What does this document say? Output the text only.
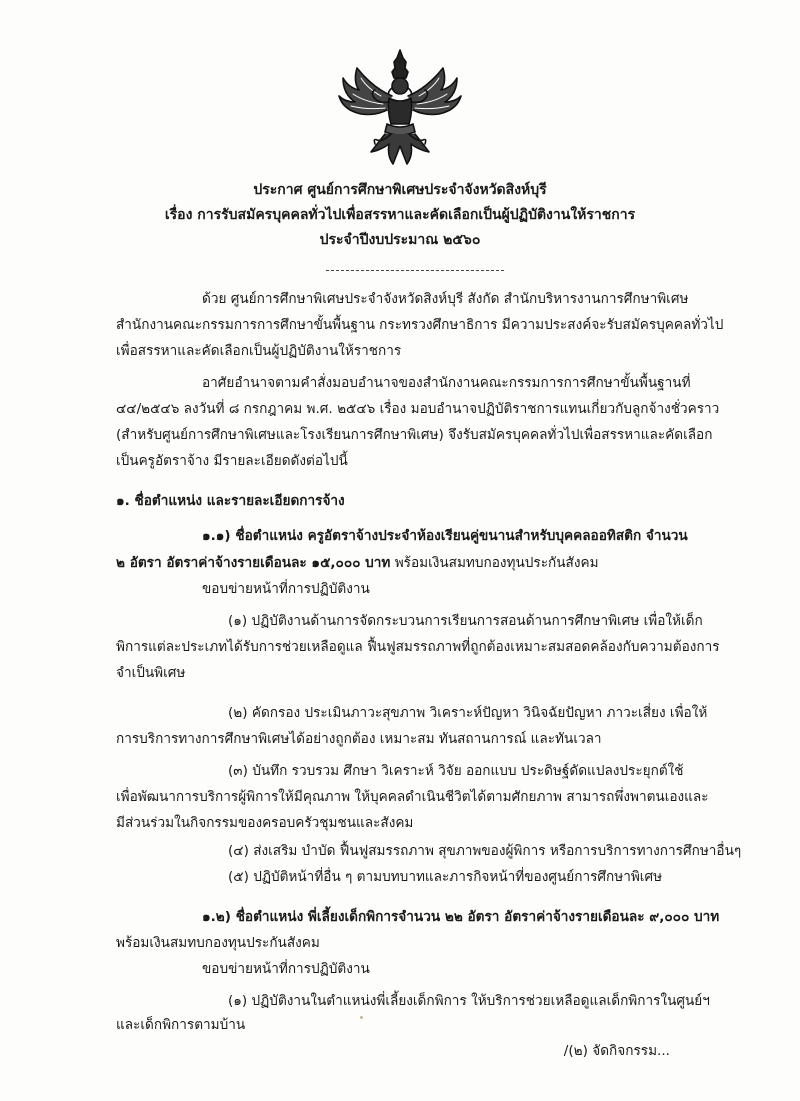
ประกาศ ศูนย์การศึกษาพิเศษประจำจังหวัดสิงห์บุรี
เรื่อง การรับสมัครบุคคลทั่วไปเพื่อสรรหาและคัดเลือกเป็นผู้ปฏิบัติงานให้ราชการ
ประจำปีงบประมาณ ๒๕๖๐
ด้วย ศูนย์การศึกษาพิเศษประจำจังหวัดสิงห์บุรี สังกัด สำนักบริหารงานการศึกษาพิเศษ
สำนักงานคณะกรรมการการศึกษาขั้นพื้นฐาน กระทรวงศึกษาธิการ มีความประสงค์จะรับสมัครบุคคลทั่วไป
เพื่อสรรหาและคัดเลือกเป็นผู้ปฏิบัติงานให้ราชการ
อาศัยอำนาจตามคำสั่งมอบอำนาจของสำนักงานคณะกรรมการการศึกษาขั้นพื้นฐานที่
๔๔/๒๕๔๖ ลงวันที่ ๘ กรกฎาคม พ.ศ. ๒๕๔๖ เรื่อง มอบอำนาจปฏิบัติราชการแทนเกี่ยวกับลูกจ้างชั่วคราว
(สำหรับศูนย์การศึกษาพิเศษและโรงเรียนการศึกษาพิเศษ) จึงรับสมัครบุคคลทั่วไปเพื่อสรรหาและคัดเลือก
เป็นครูอัตราจ้าง มีรายละเอียดดังต่อไปนี้
๑. ชื่อตำแหน่ง และรายละเอียดการจ้าง
๑.๑) ชื่อตำแหน่ง ครูอัตราจ้างประจำห้องเรียนคู่ขนานสำหรับบุคคลออทิสติก จำนวน
๒ อัตรา อัตราค่าจ้างรายเดือนละ ๑๕,๐๐๐ บาท พร้อมเงินสมทบกองทุนประกันสังคม
ขอบข่ายหน้าที่การปฏิบัติงาน
(๑) ปฏิบัติงานด้านการจัดกระบวนการเรียนการสอนด้านการศึกษาพิเศษ เพื่อให้เด็ก
พิการแต่ละประเภทได้รับการช่วยเหลือดูแล ฟื้นฟูสมรรถภาพที่ถูกต้องเหมาะสมสอดคล้องกับความต้องการ
จำเป็นพิเศษ
(๒) คัดกรอง ประเมินภาวะสุขภาพ วิเคราะห์ปัญหา วินิจฉัยปัญหา ภาวะเสี่ยง เพื่อให้
การบริการทางการศึกษาพิเศษได้อย่างถูกต้อง เหมาะสม ทันสถานการณ์ และทันเวลา
(๓) บันทึก รวบรวม ศึกษา วิเคราะห์ วิจัย ออกแบบ ประดิษฐ์ดัดแปลงประยุกต์ใช้
เพื่อพัฒนาการบริการผู้พิการให้มีคุณภาพ ให้บุคคลดำเนินชีวิตได้ตามศักยภาพ สามารถพึ่งพาตนเองและ
มีส่วนร่วมในกิจกรรมของครอบครัวชุมชนและสังคม
(๔) ส่งเสริม บำบัด ฟื้นฟูสมรรถภาพ สุขภาพของผู้พิการ หรือการบริการทางการศึกษาอื่นๆ
(๕) ปฏิบัติหน้าที่อื่น ๆ ตามบทบาทและภารกิจหน้าที่ของศูนย์การศึกษาพิเศษ
๑.๒) ชื่อตำแหน่ง พี่เลี้ยงเด็กพิการจำนวน ๒๒ อัตรา อัตราค่าจ้างรายเดือนละ ๙,๐๐๐ บาท
พร้อมเงินสมทบกองทุนประกันสังคม
ขอบข่ายหน้าที่การปฏิบัติงาน
(๑) ปฏิบัติงานในตำแหน่งพี่เลี้ยงเด็กพิการ ให้บริการช่วยเหลือดูแลเด็กพิการในศูนย์ฯ
และเด็กพิการตามบ้าน
/(๒) จัดกิจกรรม...
